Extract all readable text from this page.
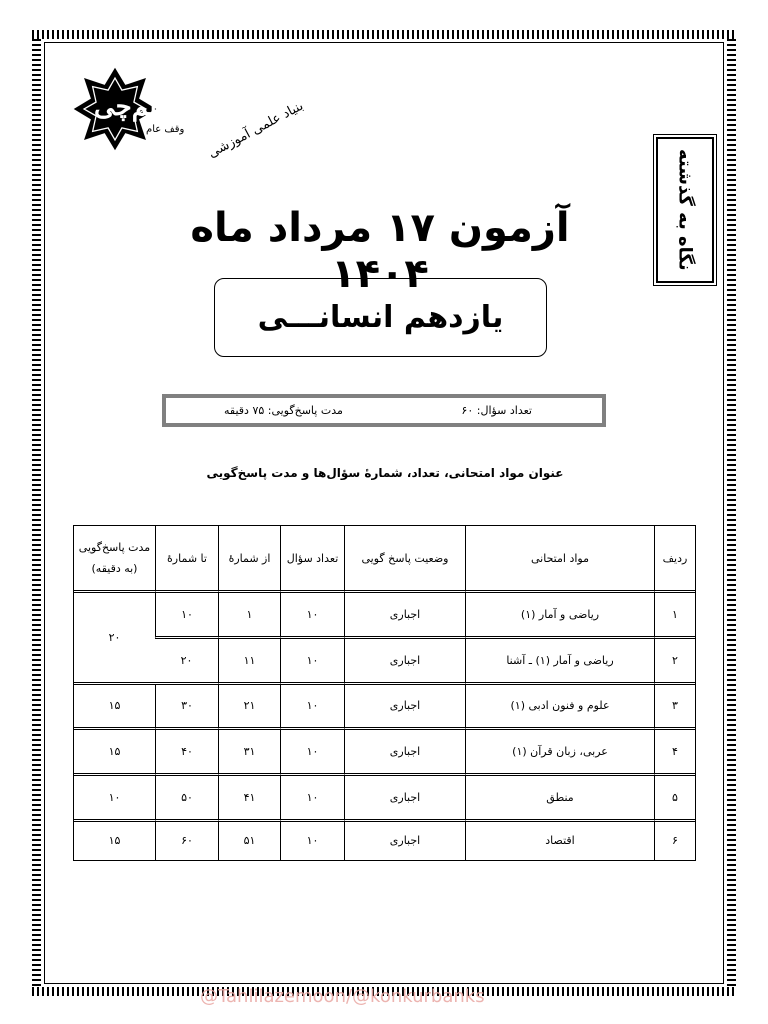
قلم‌چی
وقف عام بنیاد علمی آموزشی
نگاه به گذشته
آزمون ۱۷ مرداد ماه ۱۴۰۴
یازدهم انسانـــی
تعداد سؤال: ۶۰
مدت پاسخ‌گویی: ۷۵ دقیقه
عنوان مواد امتحانی، تعداد، شمارهٔ سؤال‌ها و مدت پاسخ‌گویی
ردیف	مواد امتحانی	وضعیت پاسخ گویی	تعداد سؤال	از شمارهٔ	تا شمارهٔ	مدت پاسخ‌گویی
(به دقیقه)

۱	ریاضی و آمار (۱)	اجباری	۱۰	۱	۱۰	۲۰
۲	ریاضی و آمار (۱) ـ آشنا	اجباری	۱۰	۱۱	۲۰	
۳	علوم و فنون ادبی (۱)	اجباری	۱۰	۲۱	۳۰	۱۵
۴	عربی، زبان قرآن (۱)	اجباری	۱۰	۳۱	۴۰	۱۵
۵	منطق	اجباری	۱۰	۴۱	۵۰	۱۰
۶	اقتصاد	اجباری	۱۰	۵۱	۶۰	۱۵
@Tahlilazemoon/@konkurbanks
